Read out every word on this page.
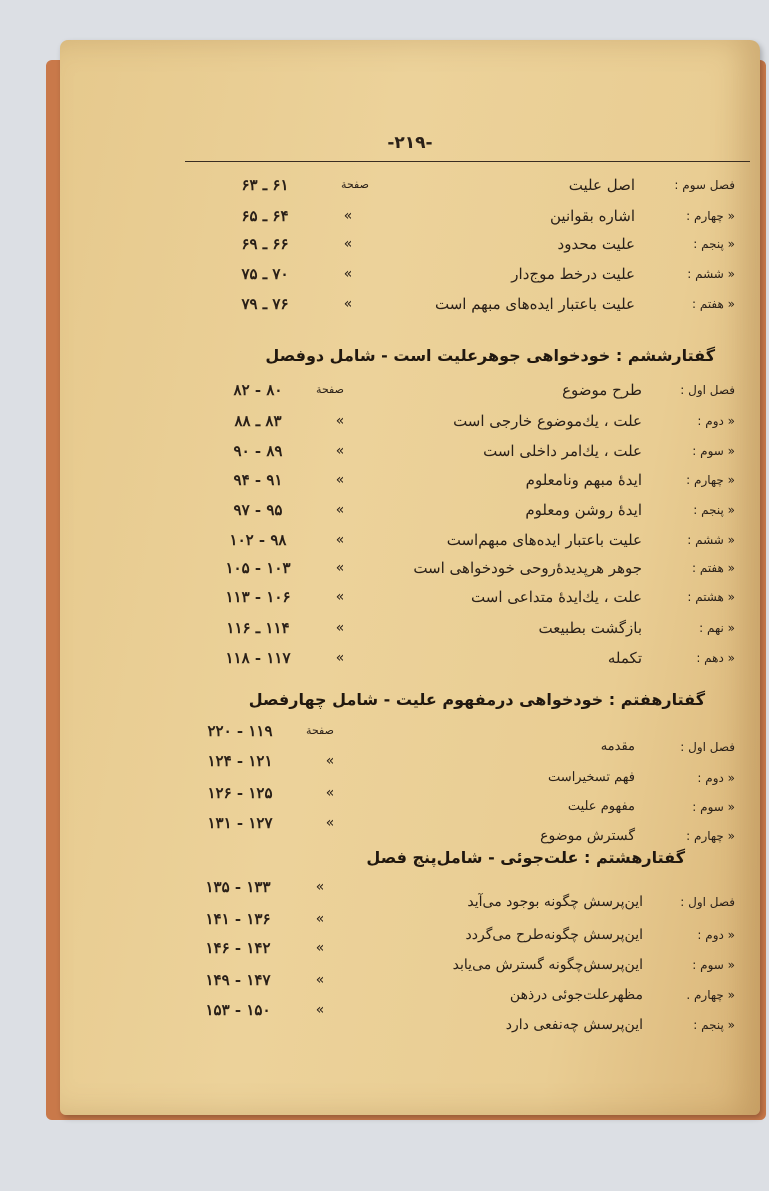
-۲۱۹-
فصل سوم :
اصل علیت
صفحة
۶۱ ـ ۶۳
« چهارم :
اشاره بقوانین
«
۶۴ ـ ۶۵
« پنجم :
علیت محدود
«
۶۶ ـ ۶۹
« ششم :
علیت درخط موج‌دار
«
۷۰ ـ ۷۵
« هفتم :
علیت باعتبار ایده‌های مبهم است
«
۷۶ ـ ۷۹
گفتارششم : خودخواهی جوهرعلیت است - شامل دوفصل
فصل اول :
طرح موضوع
صفحة
۸۰ - ۸۲
« دوم :
علت ، یك‌موضوع خارجی است
«
۸۳ ـ ۸۸
« سوم :
علت ، یك‌امر داخلی است
«
۸۹ - ۹۰
« چهارم :
ایدهٔ مبهم ونامعلوم
«
۹۱ - ۹۴
« پنجم :
ایدهٔ روشن ومعلوم
«
۹۵ - ۹۷
« ششم :
علیت باعتبار ایده‌های مبهم‌است
«
۹۸ - ۱۰۲
« هفتم :
جوهر هرپدیدهٔ‌روحی خودخواهی است
«
۱۰۳ - ۱۰۵
« هشتم :
علت ، یك‌ایدهٔ متداعی است
«
۱۰۶ - ۱۱۳
« نهم :
بازگشت بطبیعت
«
۱۱۴ ـ ۱۱۶
« دهم :
تکمله
«
۱۱۷ - ۱۱۸
گفتارهفتم : خودخواهی درمفهوم علیت - شامل چهارفصل
صفحة
۱۱۹ - ۲۲۰
فصل اول :
مقدمه
«
۱۲۱ - ۱۲۴
« دوم :
فهم تسخیراست
«
۱۲۵ - ۱۲۶
« سوم :
مفهوم علیت
«
۱۲۷ - ۱۳۱
« چهارم :
گسترش موضوع
گفتارهشتم : علت‌جوئی - شامل‌پنج فصل
«
۱۳۳ - ۱۳۵
فصل اول :
این‌پرسش چگونه بوجود می‌آید
«
۱۳۶ - ۱۴۱
« دوم :
این‌پرسش چگونه‌طرح می‌گردد
«
۱۴۲ - ۱۴۶
« سوم :
این‌پرسش‌چگونه گسترش می‌یابد
«
۱۴۷ - ۱۴۹
« چهارم .
مظهرعلت‌جوئی درذهن
«
۱۵۰ - ۱۵۳
« پنجم :
این‌پرسش چه‌نفعی دارد
